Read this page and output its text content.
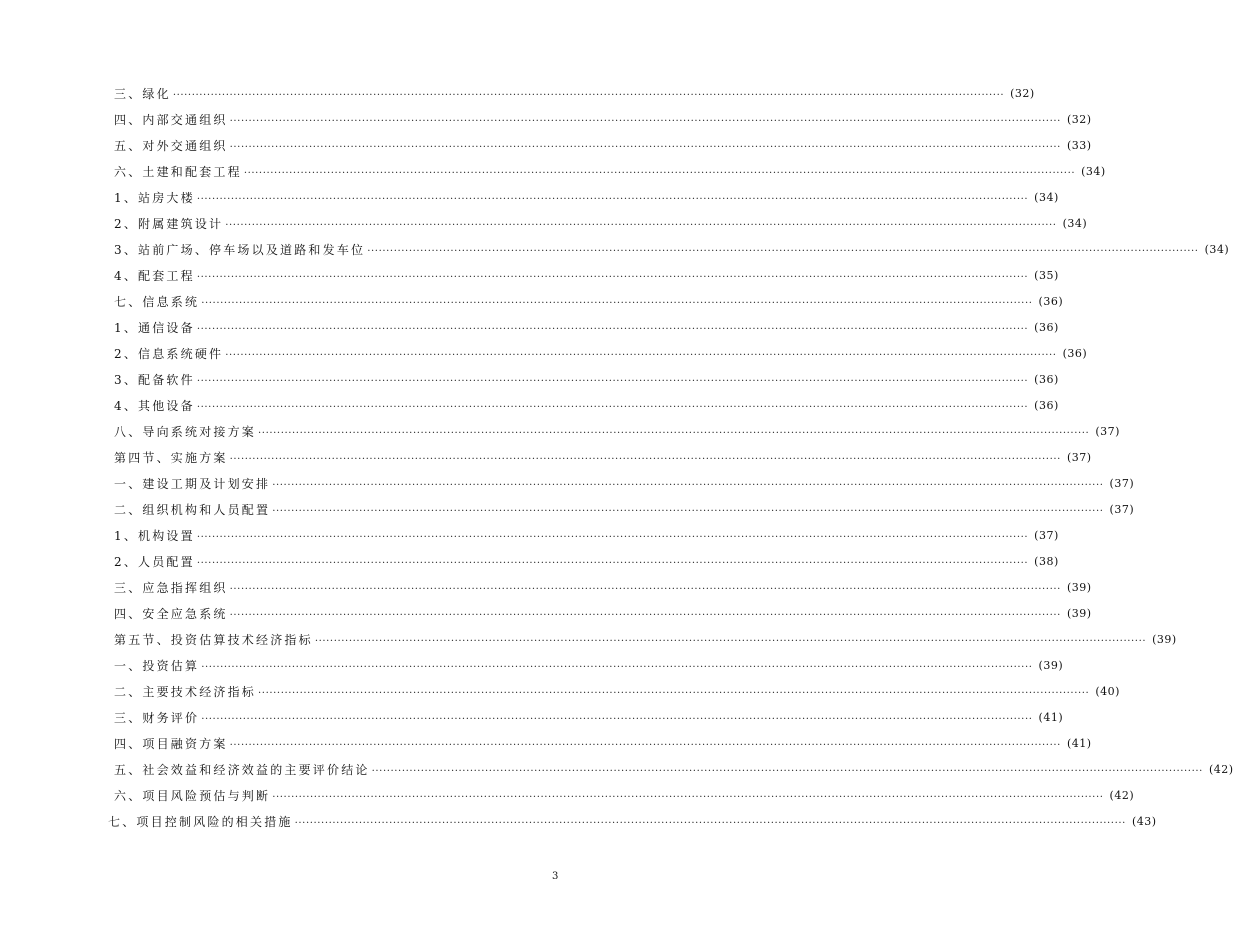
三、绿化 ............................................................................................................................................................................................................................ (32)
四、内部交通组织 ............................................................................................................................................................................................................................ (32)
五、对外交通组织 ............................................................................................................................................................................................................................ (33)
六、土建和配套工程 ............................................................................................................................................................................................................................ (34)
1、站房大楼 ............................................................................................................................................................................................................................ (34)
2、附属建筑设计 ............................................................................................................................................................................................................................ (34)
3、站前广场、停车场以及道路和发车位 ............................................................................................................................................................................................................................ (34)
4、配套工程 ............................................................................................................................................................................................................................ (35)
七、信息系统 ............................................................................................................................................................................................................................ (36)
1、通信设备 ............................................................................................................................................................................................................................ (36)
2、信息系统硬件 ............................................................................................................................................................................................................................ (36)
3、配备软件 ............................................................................................................................................................................................................................ (36)
4、其他设备 ............................................................................................................................................................................................................................ (36)
八、导向系统对接方案 ............................................................................................................................................................................................................................ (37)
第四节、实施方案 ............................................................................................................................................................................................................................ (37)
一、建设工期及计划安排 ............................................................................................................................................................................................................................ (37)
二、组织机构和人员配置 ............................................................................................................................................................................................................................ (37)
1、机构设置 ............................................................................................................................................................................................................................ (37)
2、人员配置 ............................................................................................................................................................................................................................ (38)
三、应急指挥组织 ............................................................................................................................................................................................................................ (39)
四、安全应急系统 ............................................................................................................................................................................................................................ (39)
第五节、投资估算技术经济指标 ............................................................................................................................................................................................................................ (39)
一、投资估算 ............................................................................................................................................................................................................................ (39)
二、主要技术经济指标 ............................................................................................................................................................................................................................ (40)
三、财务评价 ............................................................................................................................................................................................................................ (41)
四、项目融资方案 ............................................................................................................................................................................................................................ (41)
五、社会效益和经济效益的主要评价结论 ............................................................................................................................................................................................................................ (42)
六、项目风险预估与判断 ............................................................................................................................................................................................................................ (42)
七、项目控制风险的相关措施 ............................................................................................................................................................................................................................ (43)
3
